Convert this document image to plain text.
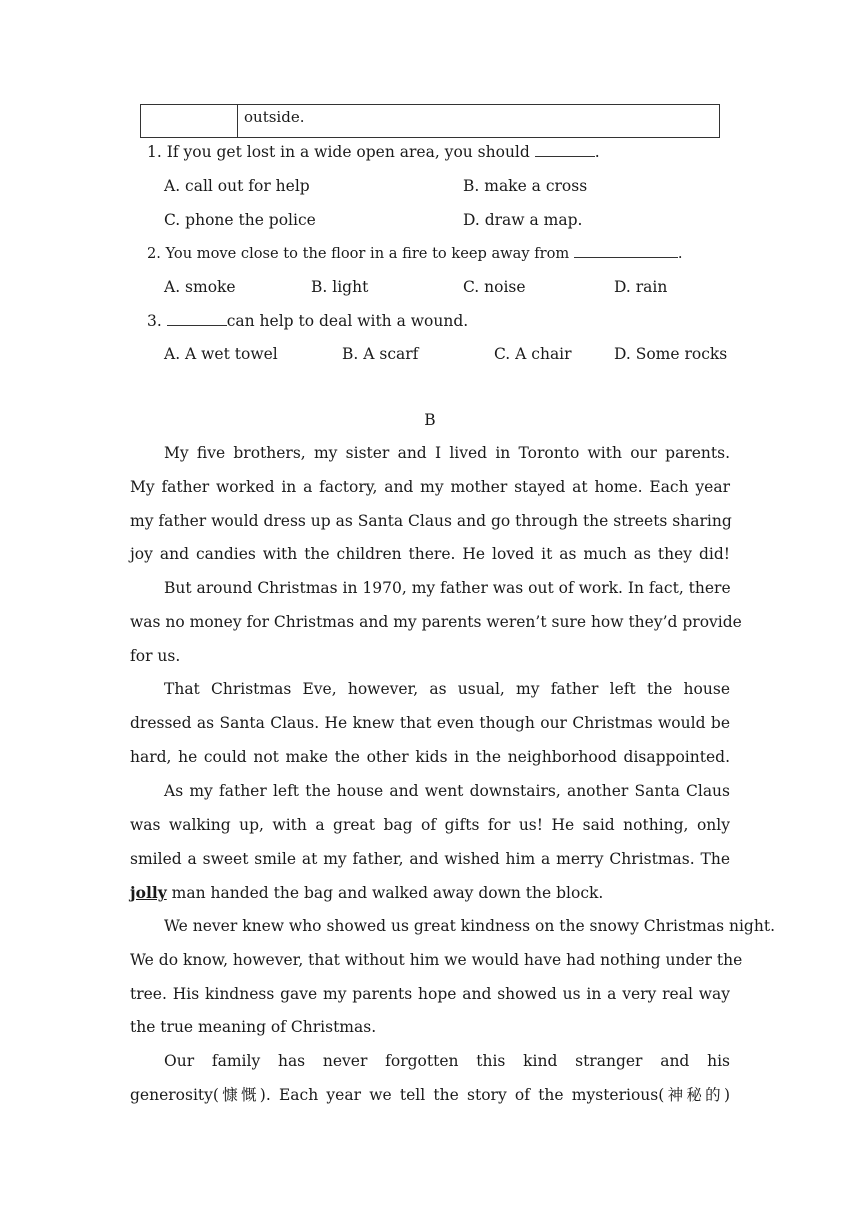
	outside.
1. If you get lost in a wide open area, you should	.
A. call out for help	B. make a cross
C. phone the police	D. draw a map.
2. You move close to the floor in a fire to keep away from	.
A. smoke	B. light	C. noise	D. rain
3.	can help to deal with a wound.
A. A wet towel	B. A scarf	C. A chair	D. Some rocks
B
My five brothers, my sister and I lived in Toronto with our parents.
My father worked in a factory, and my mother stayed at home. Each year
my father would dress up as Santa Claus and go through the streets sharing
joy and candies with the children there. He loved it as much as they did!
But around Christmas in 1970, my father was out of work. In fact, there
was no money for Christmas and my parents weren’t sure how they’d provide
for us.
That Christmas Eve, however, as usual, my father left the house
dressed as Santa Claus. He knew that even though our Christmas would be
hard, he could not make the other kids in the neighborhood disappointed.
As my father left the house and went downstairs, another Santa Claus
was walking up, with a great bag of gifts for us! He said nothing, only
smiled a sweet smile at my father, and wished him a merry Christmas. The
jolly man handed the bag and walked away down the block.
We never knew who showed us great kindness on the snowy Christmas night.
We do know, however, that without him we would have had nothing under the
tree. His kindness gave my parents hope and showed us in a very real way
the true meaning of Christmas.
Our family has never forgotten this kind stranger and his
generosity(慷慨). Each year we tell the story of the mysterious(神秘的)
